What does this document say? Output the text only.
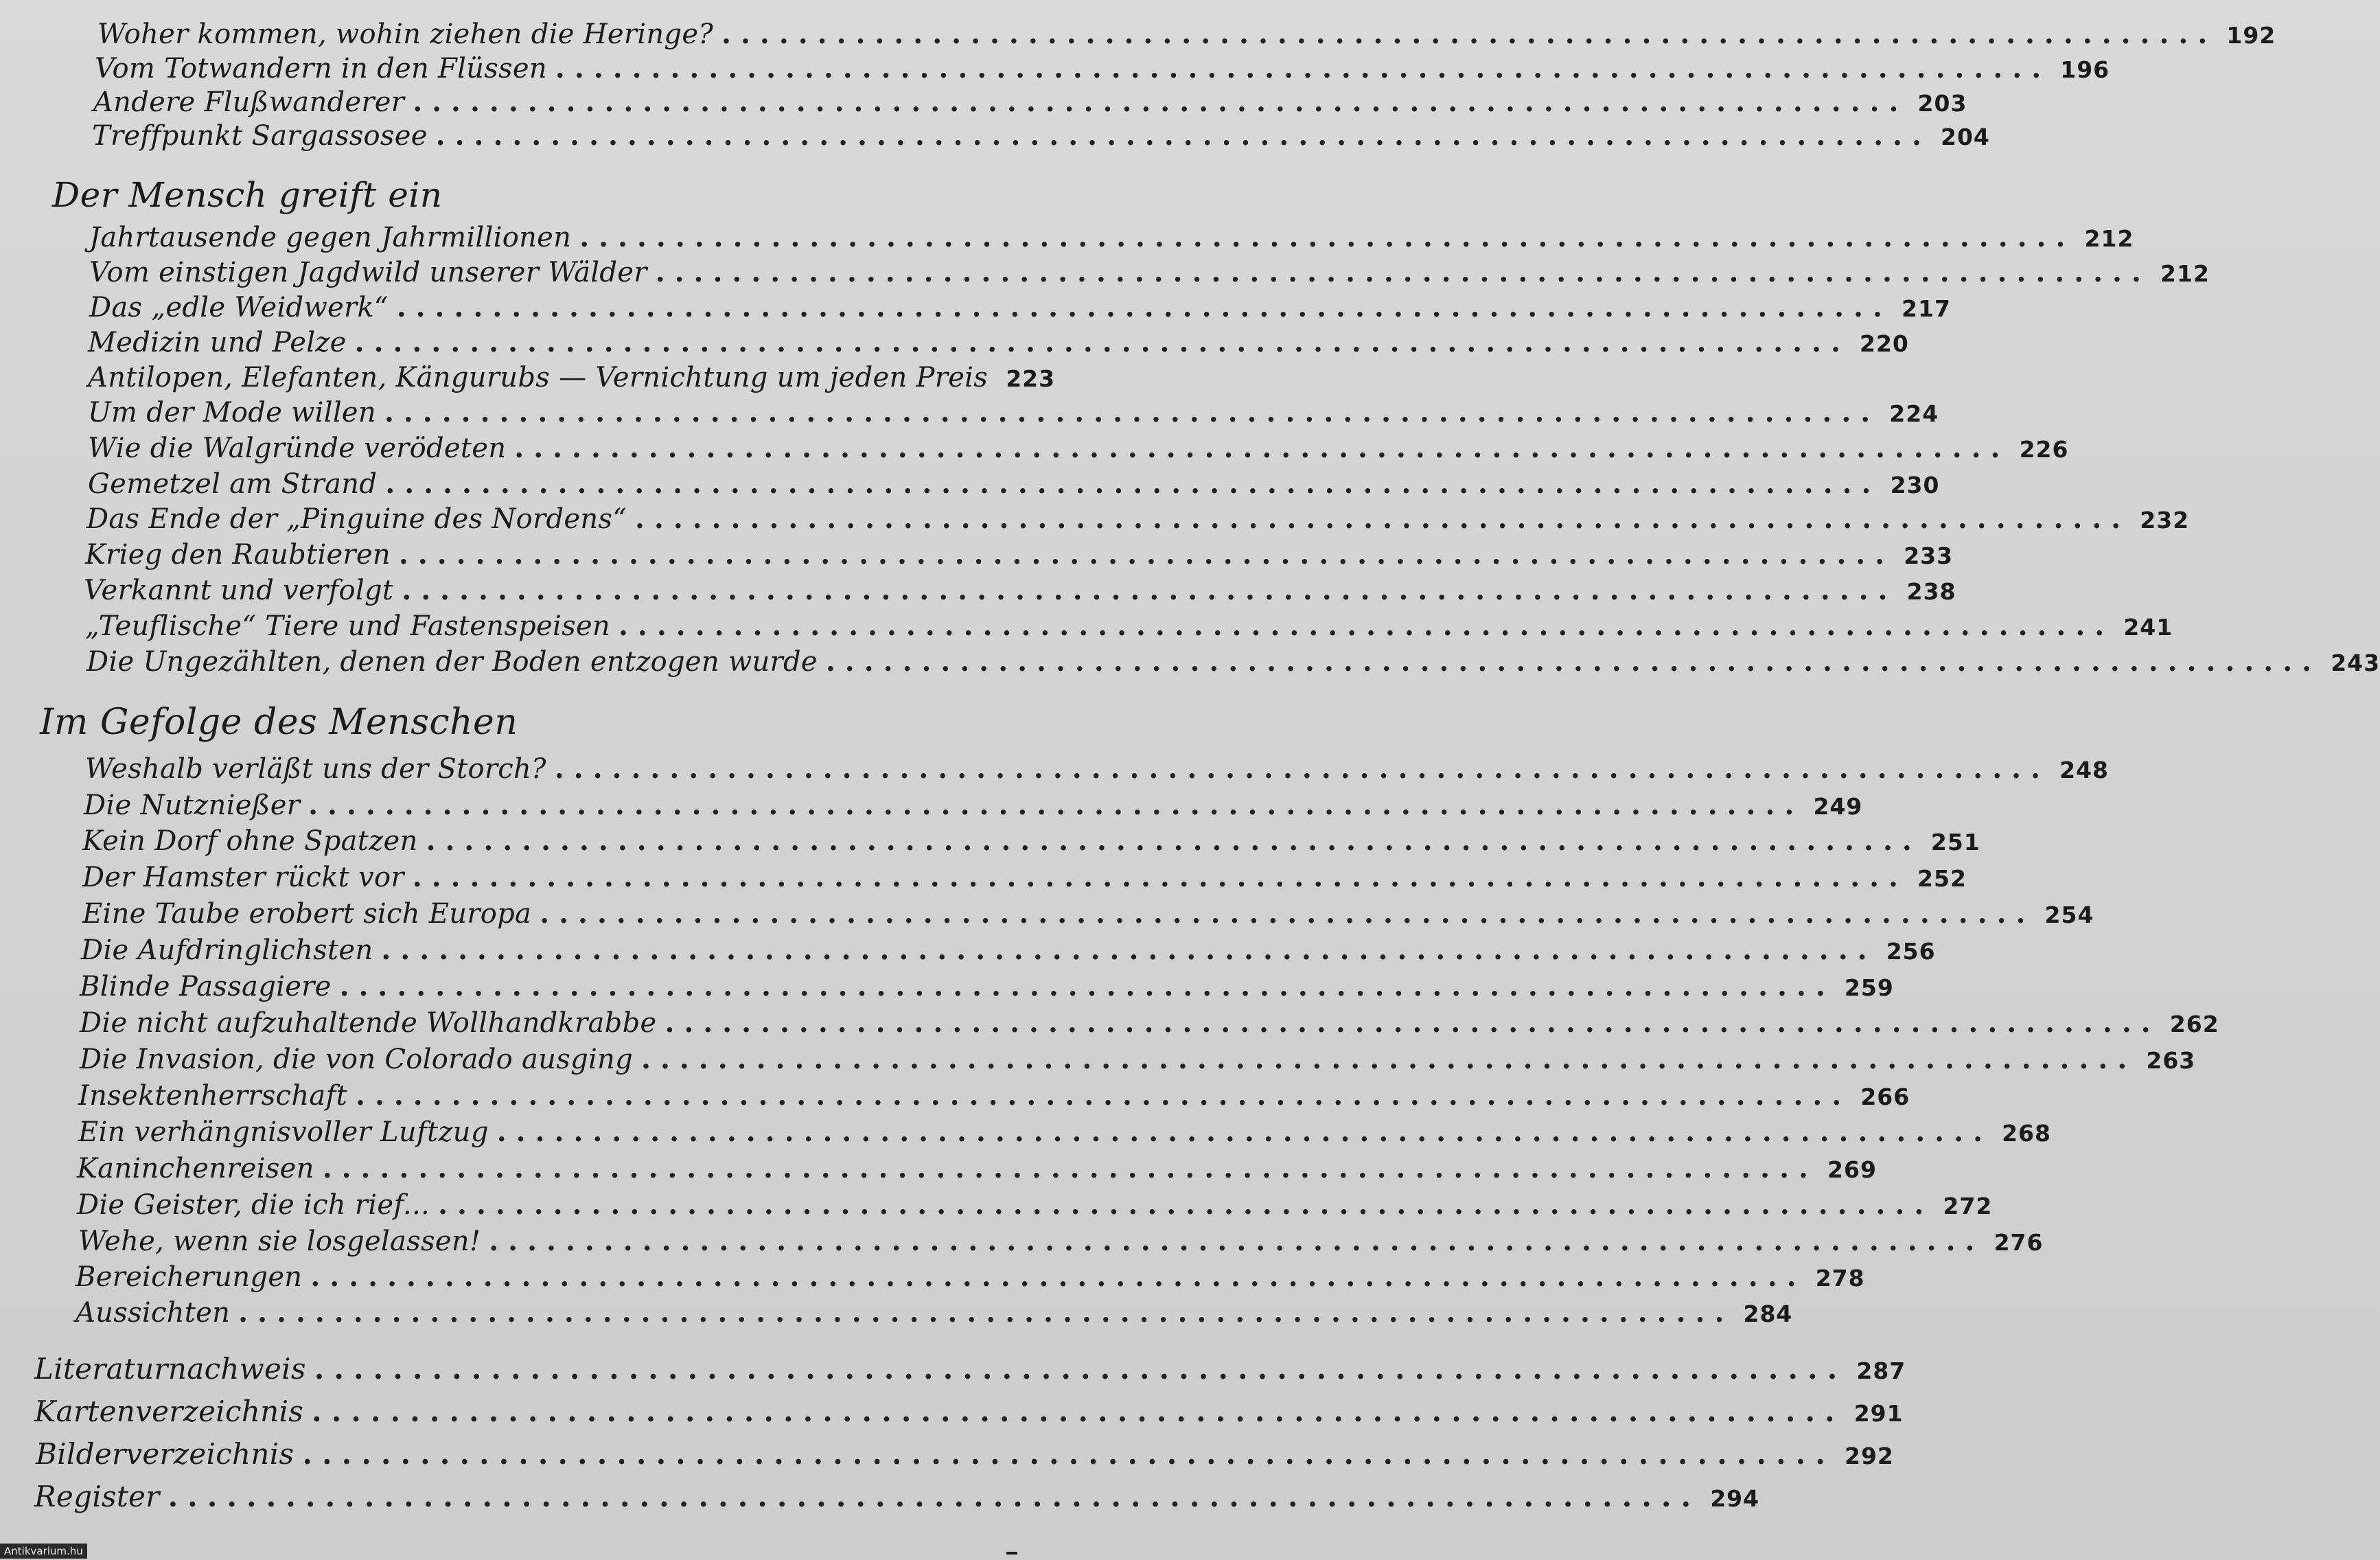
Woher kommen, wohin ziehen die Heringe? .............................................................................. 192
Vom Totwandern in den Flüssen .............................................................................. 196
Andere Flußwanderer .............................................................................. 203
Treffpunkt Sargassosee .............................................................................. 204
Der Mensch greift ein
Jahrtausende gegen Jahrmillionen .............................................................................. 212
Vom einstigen Jagdwild unserer Wälder .............................................................................. 212
Das „edle Weidwerk“ .............................................................................. 217
Medizin und Pelze .............................................................................. 220
Antilopen, Elefanten, Kängurubs — Vernichtung um jeden Preis 223
Um der Mode willen .............................................................................. 224
Wie die Walgründe verödeten .............................................................................. 226
Gemetzel am Strand .............................................................................. 230
Das Ende der „Pinguine des Nordens“ .............................................................................. 232
Krieg den Raubtieren .............................................................................. 233
Verkannt und verfolgt .............................................................................. 238
„Teuflische“ Tiere und Fastenspeisen .............................................................................. 241
Die Ungezählten, denen der Boden entzogen wurde .............................................................................. 243
Im Gefolge des Menschen
Weshalb verläßt uns der Storch? .............................................................................. 248
Die Nutznießer .............................................................................. 249
Kein Dorf ohne Spatzen .............................................................................. 251
Der Hamster rückt vor .............................................................................. 252
Eine Taube erobert sich Europa .............................................................................. 254
Die Aufdringlichsten .............................................................................. 256
Blinde Passagiere .............................................................................. 259
Die nicht aufzuhaltende Wollhandkrabbe .............................................................................. 262
Die Invasion, die von Colorado ausging .............................................................................. 263
Insektenherrschaft .............................................................................. 266
Ein verhängnisvoller Luftzug .............................................................................. 268
Kaninchenreisen .............................................................................. 269
Die Geister, die ich rief... .............................................................................. 272
Wehe, wenn sie losgelassen! .............................................................................. 276
Bereicherungen .............................................................................. 278
Aussichten .............................................................................. 284
Literaturnachweis .............................................................................. 287
Kartenverzeichnis .............................................................................. 291
Bilderverzeichnis .............................................................................. 292
Register .............................................................................. 294
Antikvarium.hu
